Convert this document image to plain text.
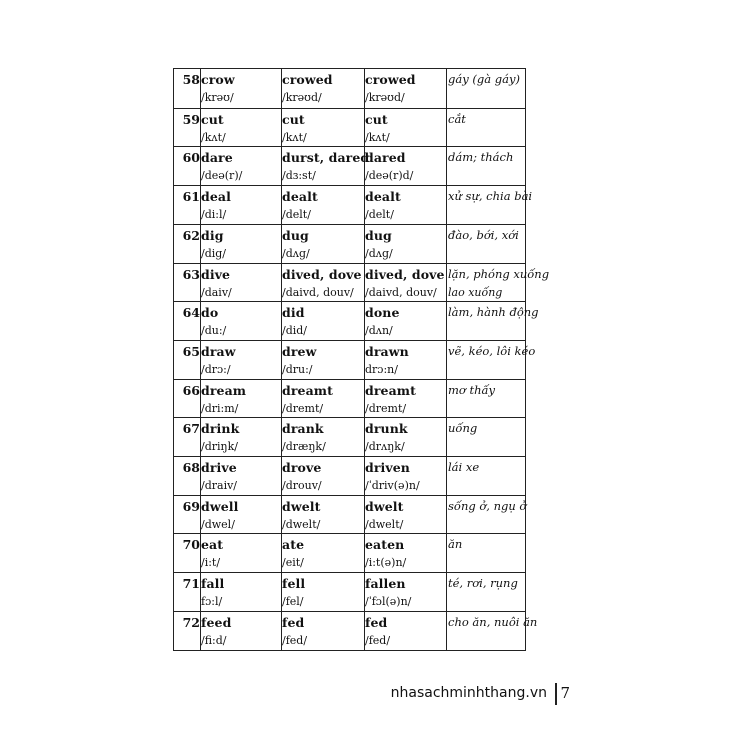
58 crow
/krəʊ/
crowed
/krəʊd/
crowed
/krəʊd/
gáy (gà gáy)
59 cut
/kʌt/
cut
/kʌt/
cut
/kʌt/
cắt
60 dare
/deə(r)/
durst, dared
/dɜ:st/
dared
/deə(r)d/
dám; thách
61 deal
/di:l/
dealt
/delt/
dealt
/delt/
xử sự, chia bài
62 dig
/dig/
dug
/dʌg/
dug
/dʌg/
đào, bới, xới
63 dive
/daiv/
dived, dove
/daivd, douv/
dived, dove
/daivd, douv/
lặn, phóng xuống
lao xuống
64 do
/du:/
did
/did/
done
/dʌn/
làm, hành động
65 draw
/drɔ:/
drew
/dru:/
drawn
drɔ:n/
vẽ, kéo, lôi kéo
66 dream
/dri:m/
dreamt
/dremt/
dreamt
/dremt/
mơ thấy
67 drink
/driŋk/
drank
/dræŋk/
drunk
/drʌŋk/
uống
68 drive
/draiv/
drove
/drouv/
driven
/ˈdriv(ə)n/
lái xe
69 dwell
/dwel/
dwelt
/dwelt/
dwelt
/dwelt/
sống ở, ngụ ở
70 eat
/i:t/
ate
/eit/
eaten
/i:t(ə)n/
ăn
71 fall
fɔ:l/
fell
/fel/
fallen
/ˈfɔl(ə)n/
té, rơi, rụng
72 feed
/fi:d/
fed
/fed/
fed
/fed/
cho ăn, nuôi ăn
nhasachminhthang.vn 7
